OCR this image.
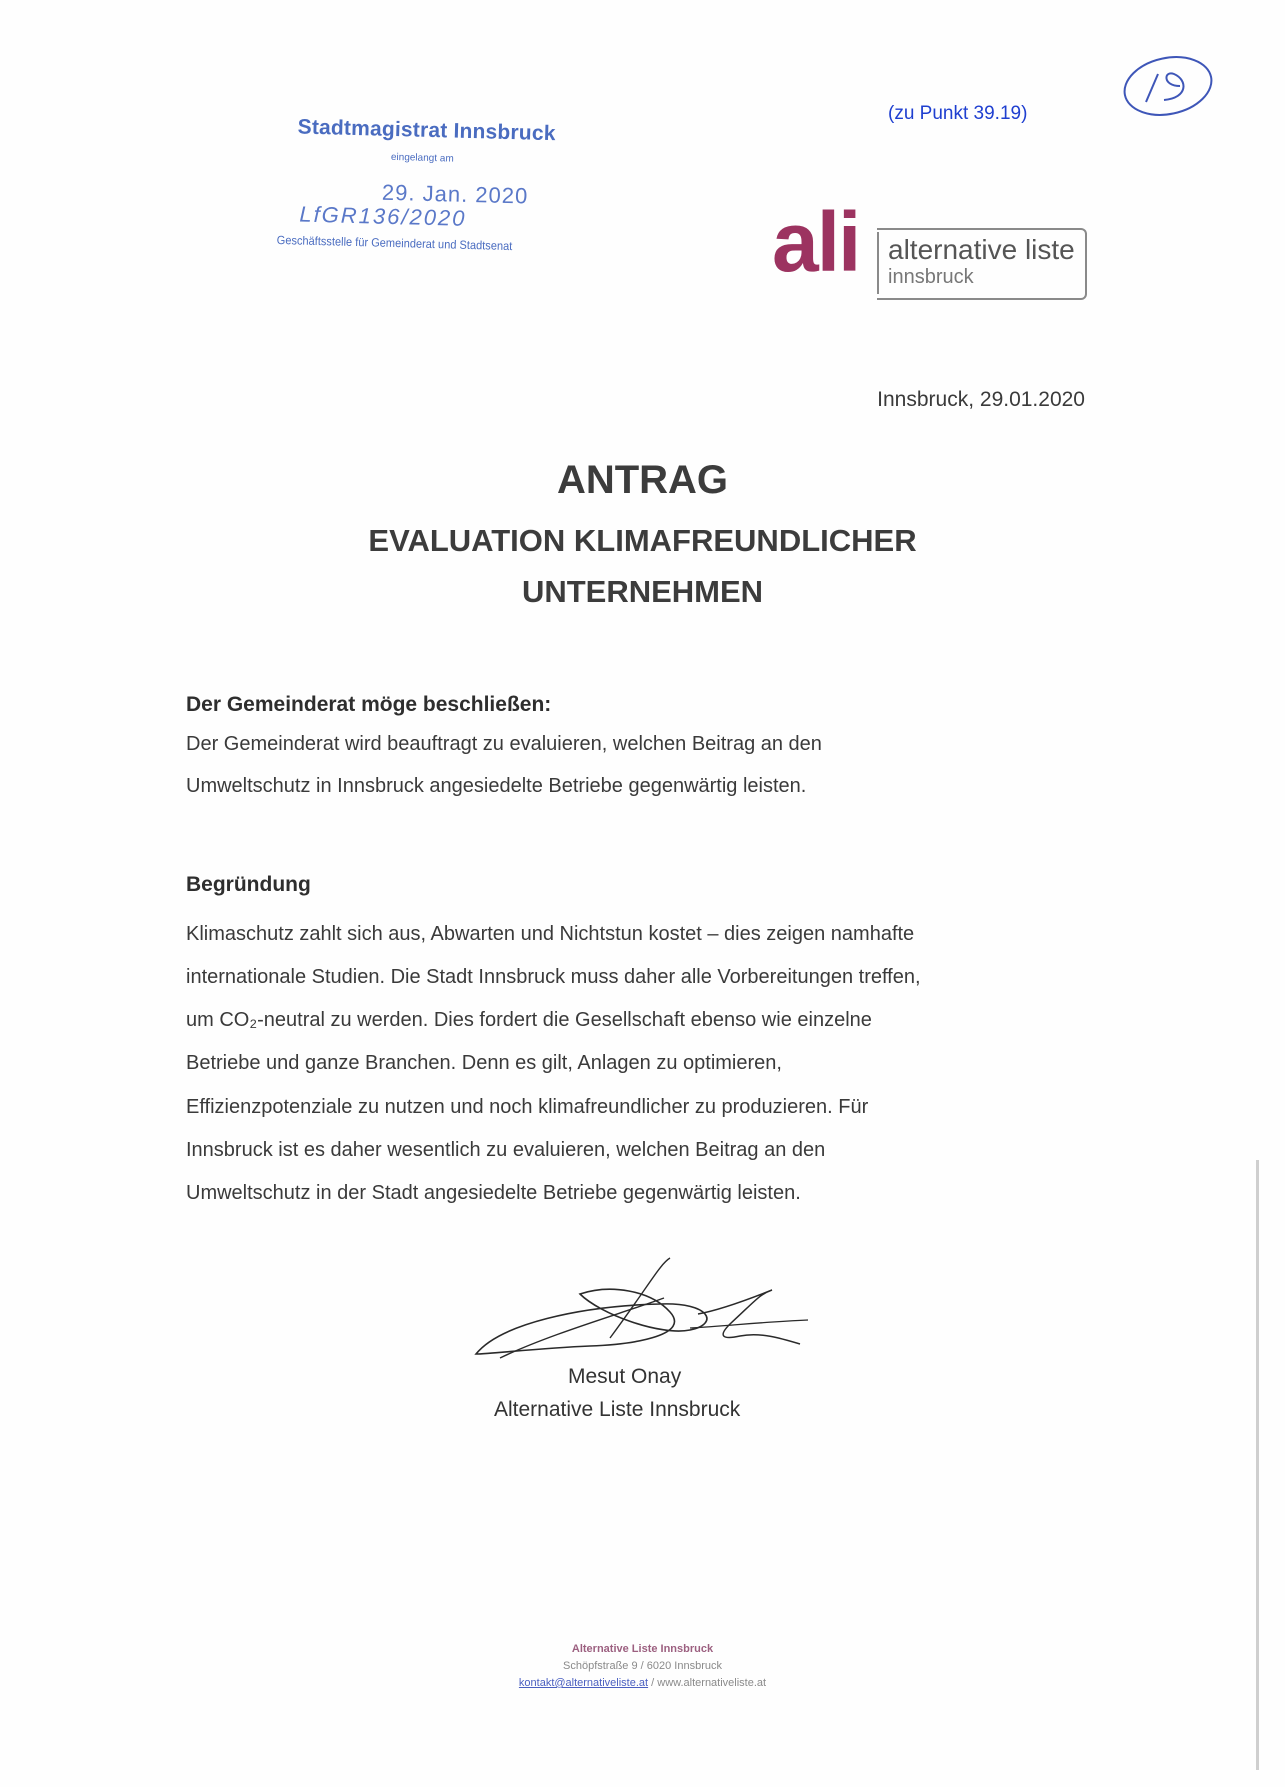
(zu Punkt 39.19)
Stadtmagistrat Innsbruck
eingelangt am
29. Jan. 2020
LfGR136/2020
Geschäftsstelle für Gemeinderat und Stadtsenat	ali alternative liste
innsbruck
Innsbruck, 29.01.2020
ANTRAG
EVALUATION KLIMAFREUNDLICHER
UNTERNEHMEN
Der Gemeinderat möge beschließen:
Der Gemeinderat wird beauftragt zu evaluieren, welchen Beitrag an den
Umweltschutz in Innsbruck angesiedelte Betriebe gegenwärtig leisten.
Begründung
Klimaschutz zahlt sich aus, Abwarten und Nichtstun kostet – dies zeigen namhafte
internationale Studien. Die Stadt Innsbruck muss daher alle Vorbereitungen treffen,
um CO₂-neutral zu werden. Dies fordert die Gesellschaft ebenso wie einzelne
Betriebe und ganze Branchen. Denn es gilt, Anlagen zu optimieren,
Effizienzpotenziale zu nutzen und noch klimafreundlicher zu produzieren. Für
Innsbruck ist es daher wesentlich zu evaluieren, welchen Beitrag an den
Umweltschutz in der Stadt angesiedelte Betriebe gegenwärtig leisten.
Mesut Onay
Alternative Liste Innsbruck
Alternative Liste Innsbruck
Schöpfstraße 9 / 6020 Innsbruck
kontakt@alternativeliste.at / www.alternativeliste.at
